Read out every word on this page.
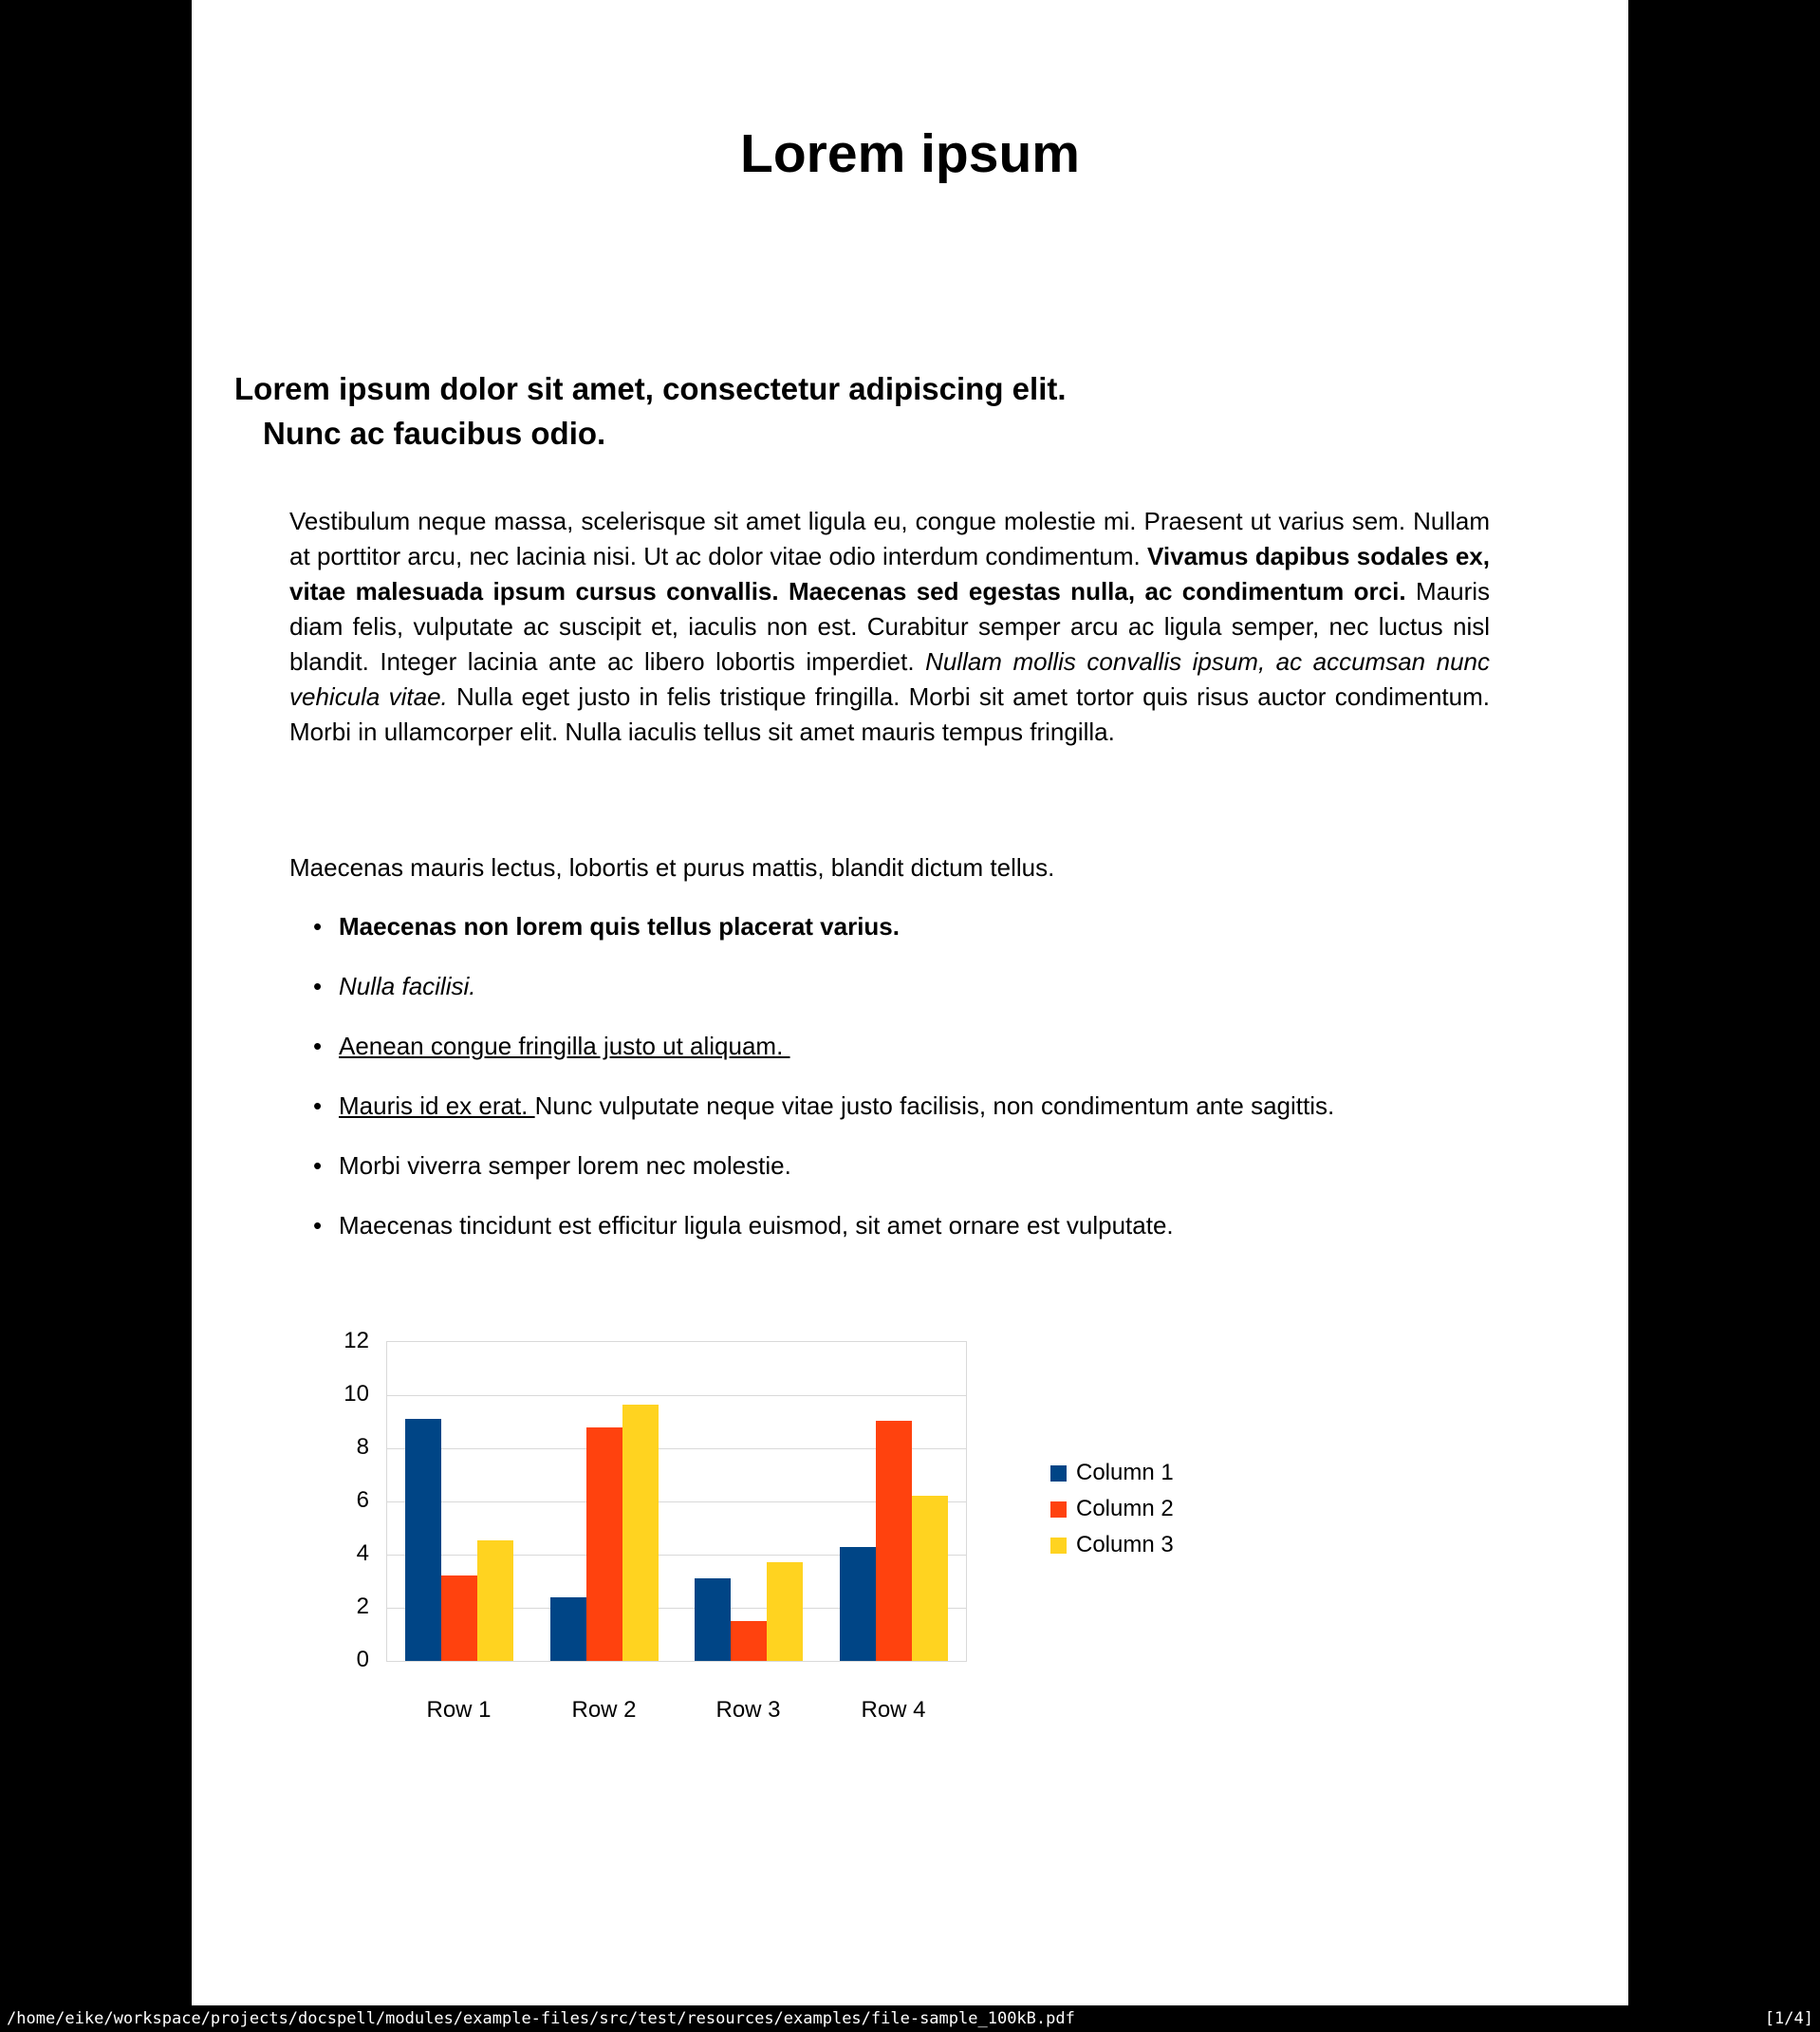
Lorem ipsum
Lorem ipsum dolor sit amet, consectetur adipiscing elit.
Nunc ac faucibus odio.

Vestibulum neque massa, scelerisque sit amet ligula eu, congue molestie mi. Praesent ut varius sem. Nullam at porttitor arcu, nec lacinia nisi. Ut ac dolor vitae odio interdum condimentum. Vivamus dapibus sodales ex, vitae malesuada ipsum cursus convallis. Maecenas sed egestas nulla, ac condimentum orci. Mauris diam felis, vulputate ac suscipit et, iaculis non est. Curabitur semper arcu ac ligula semper, nec luctus nisl blandit. Integer lacinia ante ac libero lobortis imperdiet. Nullam mollis convallis ipsum, ac accumsan nunc vehicula vitae. Nulla eget justo in felis tristique fringilla. Morbi sit amet tortor quis risus auctor condimentum. Morbi in ullamcorper elit. Nulla iaculis tellus sit amet mauris tempus fringilla.

Maecenas mauris lectus, lobortis et purus mattis, blandit dictum tellus.

• Maecenas non lorem quis tellus placerat varius.
• Nulla facilisi.
• Aenean congue fringilla justo ut aliquam.
• Mauris id ex erat. Nunc vulputate neque vitae justo facilisis, non condimentum ante sagittis.
• Morbi viverra semper lorem nec molestie.
• Maecenas tincidunt est efficitur ligula euismod, sit amet ornare est vulputate.
0
2
4
6
8
10
12
Row 1	Row 2	Row 3	Row 4
Column 1
Column 2
Column 3
/home/eike/workspace/projects/docspell/modules/example-files/src/test/resources/examples/file-sample_100kB.pdf	[1/4]
